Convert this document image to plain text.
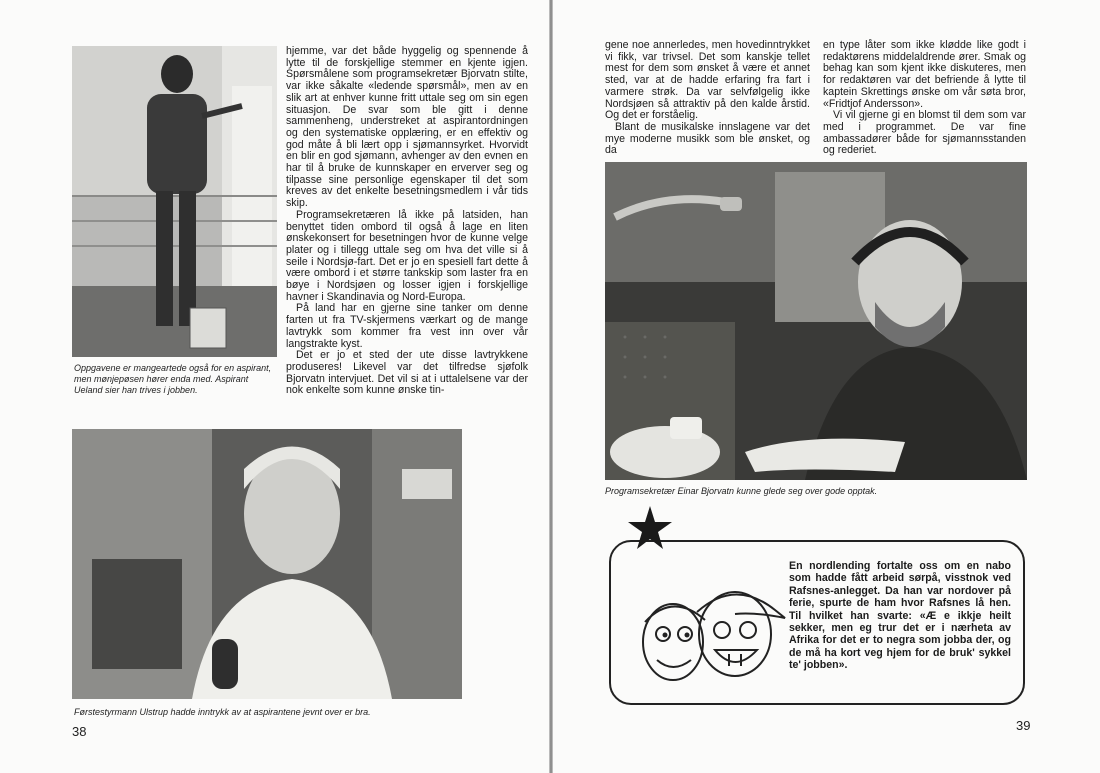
Oppgavene er mangeartede også for en aspirant, men mønjepøsen hører enda med. Aspirant Ueland sier han trives i jobben.

hjemme, var det både hyggelig og spennende å lytte til de forskjellige stemmer en kjente igjen. Spørsmålene som programsekretær Bjorvatn stilte, var ikke såkalte «ledende spørsmål», men av en slik art at enhver kunne fritt uttale seg om sin egen situasjon. De svar som ble gitt i denne sammenheng, understreket at aspirantordningen og den systematiske opplæring, er en effektiv og god måte å bli lært opp i sjømannsyrket. Hvorvidt en blir en god sjømann, avhenger av den evnen en har til å bruke de kunnskaper en erverver seg og tilpasse sine personlige egenskaper til det som kreves av det enkelte besetningsmedlem i vår tids skip.

Programsekretæren lå ikke på latsiden, han benyttet tiden ombord til også å lage en liten ønskekonsert for besetningen hvor de kunne velge plater og i tillegg uttale seg om hva det ville si å seile i Nordsjø-fart. Det er jo en spesiell fart dette å være ombord i et større tankskip som laster fra en bøye i Nordsjøen og losser igjen i forskjellige havner i Skandinavia og Nord-Europa.

På land har en gjerne sine tanker om denne farten ut fra TV-skjermens værkart og de mange lavtrykk som kommer fra vest inn over vår langstrakte kyst.

Det er jo et sted der ute disse lavtrykkene produseres! Likevel var det tilfredse sjøfolk Bjorvatn intervjuet. Det vil si at i uttalelsene var der nok enkelte som kunne ønske tin-

Førstestyrmann Ulstrup hadde inntrykk av at aspirantene jevnt over er bra.
38

gene noe annerledes, men hovedinntrykket vi fikk, var trivsel. Det som kanskje tellet mest for dem som ønsket å være et annet sted, var at de hadde erfaring fra fart i varmere strøk. Da var selvfølgelig ikke Nordsjøen så attraktiv på den kalde årstid. Og det er forståelig.

Blant de musikalske innslagene var det mye moderne musikk som ble ønsket, og da

en type låter som ikke kløddе like godt i redaktørens middelaldrende ører. Smak og behag kan som kjent ikke diskuteres, men for redaktøren var det befriende å lytte til kaptein Skrettings ønske om vår søta bror, «Fridtjof Andersson».

Vi vil gjerne gi en blomst til dem som var med i programmet. De var fine ambassadører både for sjømannsstanden og rederiet.

Programsekretær Einar Bjorvatn kunne glede seg over gode opptak.
En nordlending fortalte oss om en nabo som hadde fått arbeid sørpå, visstnok ved Rafsnes-anlegget. Da han var nordover på ferie, spurte de ham hvor Rafsnes lå hen. Til hvilket han svarte: «Æ e ikkje heilt sekker, men eg trur det er i nærheta av Afrika for det er to negra som jobba der, og de må ha kort veg hjem for de bruk' sykkel te' jobben».
39
